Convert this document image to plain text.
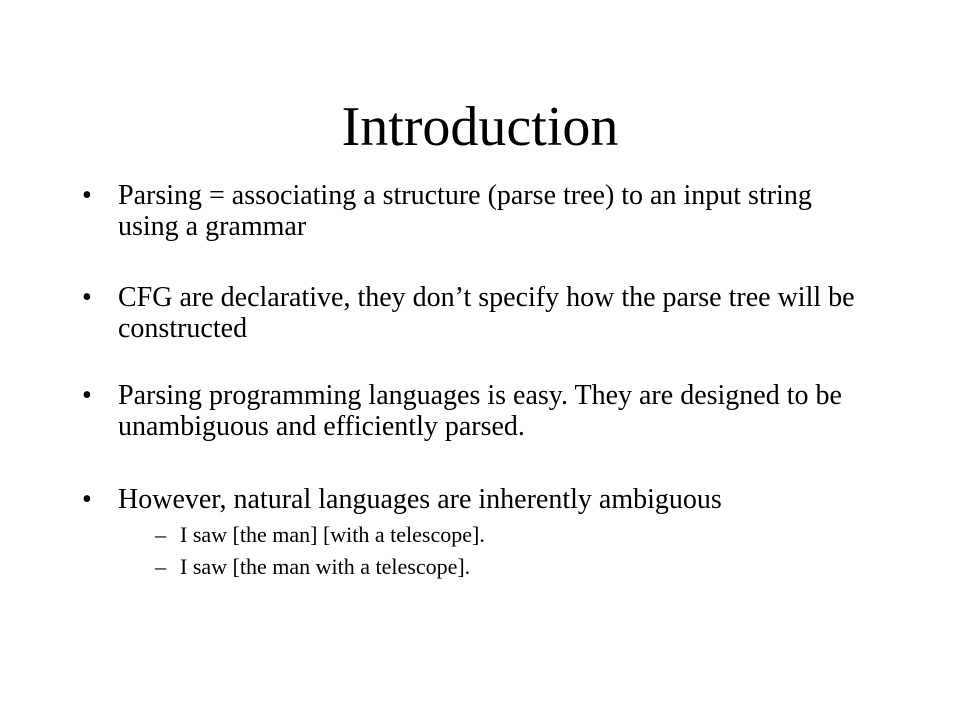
Introduction
• Parsing = associating a structure (parse tree) to an input string using a grammar
• CFG are declarative, they don’t specify how the parse tree will be constructed
• Parsing programming languages is easy. They are designed to be unambiguous and efficiently parsed.
• However, natural languages are inherently ambiguous
– I saw [the man] [with a telescope].
– I saw [the man with a telescope].
